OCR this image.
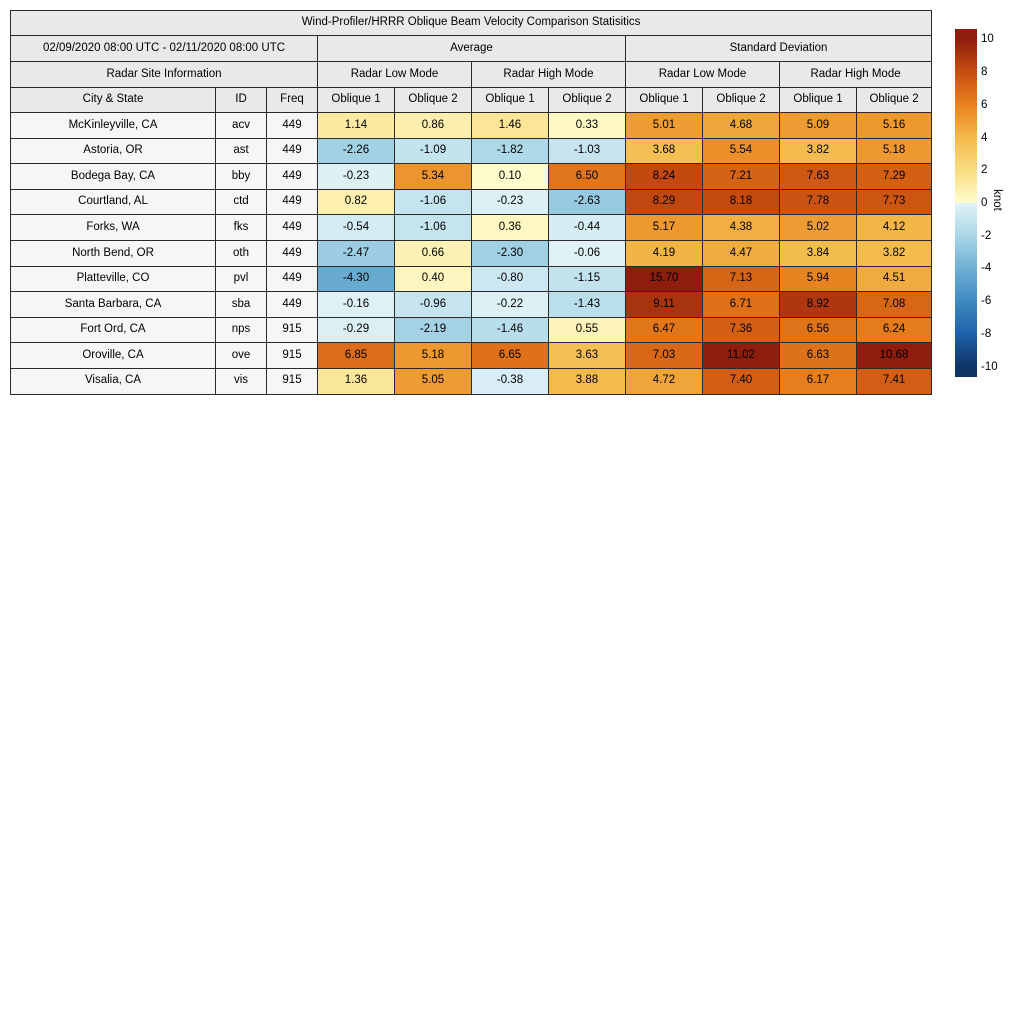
Wind-Profiler/HRRR Oblique Beam Velocity Comparison Statisitics										
02/09/2020 08:00 UTC - 02/11/2020 08:00 UTC			Average				Standard Deviation			
Radar Site Information			Radar Low Mode		Radar High Mode		Radar Low Mode		Radar High Mode	
City & State	ID	Freq	Oblique 1	Oblique 2	Oblique 1	Oblique 2	Oblique 1	Oblique 2	Oblique 1	Oblique 2
McKinleyville, CA	acv	449	1.14	0.86	1.46	0.33	5.01	4.68	5.09	5.16
Astoria, OR	ast	449	-2.26	-1.09	-1.82	-1.03	3.68	5.54	3.82	5.18
Bodega Bay, CA	bby	449	-0.23	5.34	0.10	6.50	8.24	7.21	7.63	7.29
Courtland, AL	ctd	449	0.82	-1.06	-0.23	-2.63	8.29	8.18	7.78	7.73
Forks, WA	fks	449	-0.54	-1.06	0.36	-0.44	5.17	4.38	5.02	4.12
North Bend, OR	oth	449	-2.47	0.66	-2.30	-0.06	4.19	4.47	3.84	3.82
Platteville, CO	pvl	449	-4.30	0.40	-0.80	-1.15	15.70	7.13	5.94	4.51
Santa Barbara, CA	sba	449	-0.16	-0.96	-0.22	-1.43	9.11	6.71	8.92	7.08
Fort Ord, CA	nps	915	-0.29	-2.19	-1.46	0.55	6.47	7.36	6.56	6.24
Oroville, CA	ove	915	6.85	5.18	6.65	3.63	7.03	11.02	6.63	10.68
Visalia, CA	vis	915	1.36	5.05	-0.38	3.88	4.72	7.40	6.17	7.41
10
8
6
4
2
0
-2
-4
-6
-8
-10
knot
